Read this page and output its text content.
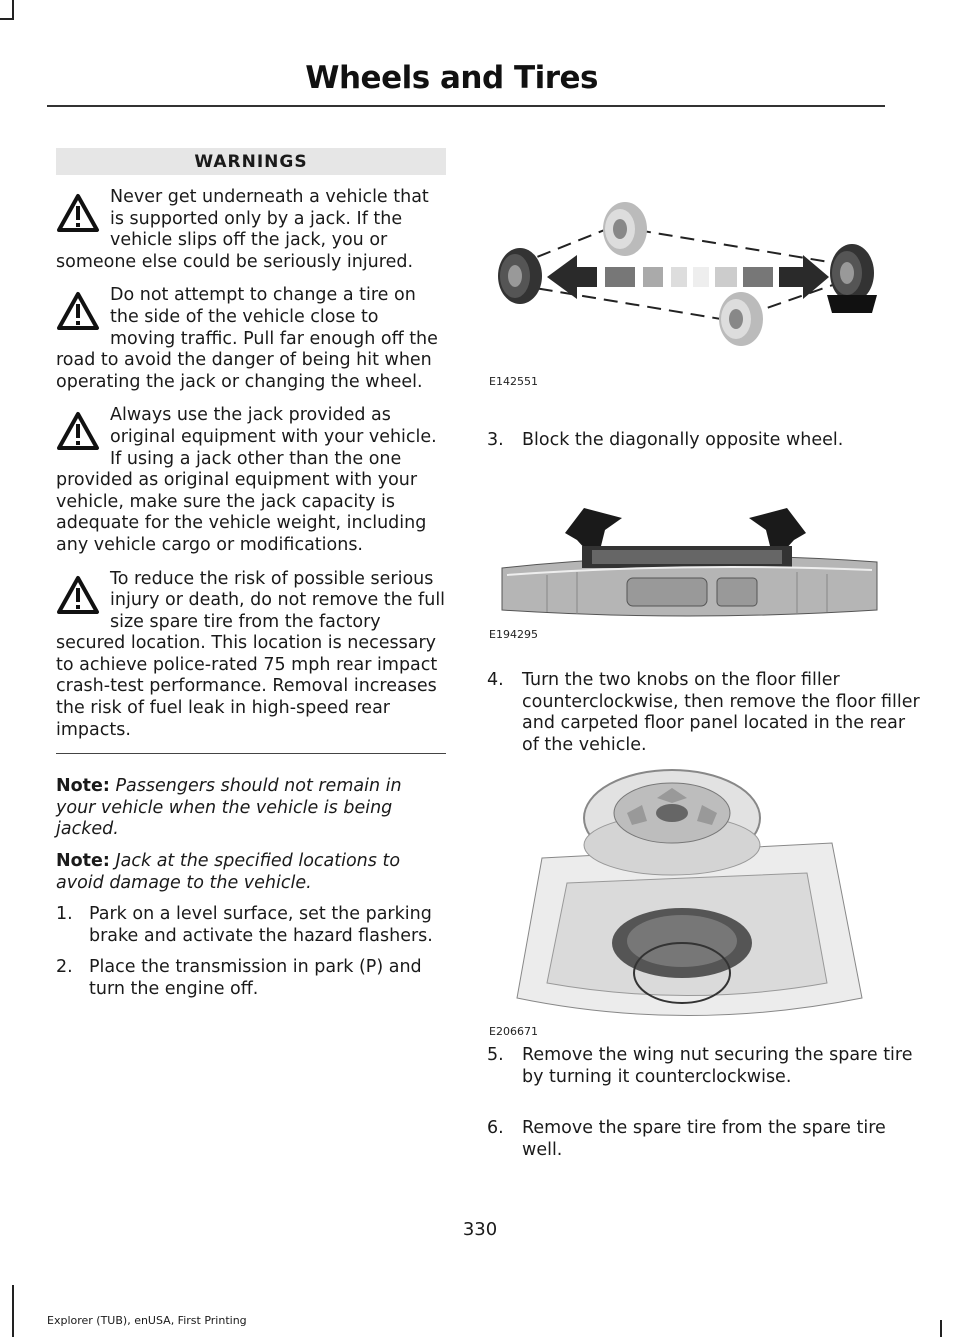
Wheels and Tires
WARNINGS
Never get underneath a vehicle that is supported only by a jack. If the vehicle slips off the jack, you or someone else could be seriously injured.
Do not attempt to change a tire on the side of the vehicle close to moving traffic. Pull far enough off the road to avoid the danger of being hit when operating the jack or changing the wheel.
Always use the jack provided as original equipment with your vehicle. If using a jack other than the one provided as original equipment with your vehicle, make sure the jack capacity is adequate for the vehicle weight, including any vehicle cargo or modifications.
To reduce the risk of possible serious injury or death, do not remove the full size spare tire from the factory secured location. This location is necessary to achieve police-rated 75 mph rear impact crash-test performance. Removal increases the risk of fuel leak in high-speed rear impacts.
Note: Passengers should not remain in your vehicle when the vehicle is being jacked.
Note: Jack at the specified locations to avoid damage to the vehicle.
1. Park on a level surface, set the parking brake and activate the hazard flashers.
2. Place the transmission in park (P) and turn the engine off.
E142551
3. Block the diagonally opposite wheel.
E194295
4. Turn the two knobs on the floor filler counterclockwise, then remove the floor filler and carpeted floor panel located in the rear of the vehicle.
E206671
5. Remove the wing nut securing the spare tire by turning it counterclockwise.
6. Remove the spare tire from the spare tire well.
330
Explorer (TUB), enUSA, First Printing
